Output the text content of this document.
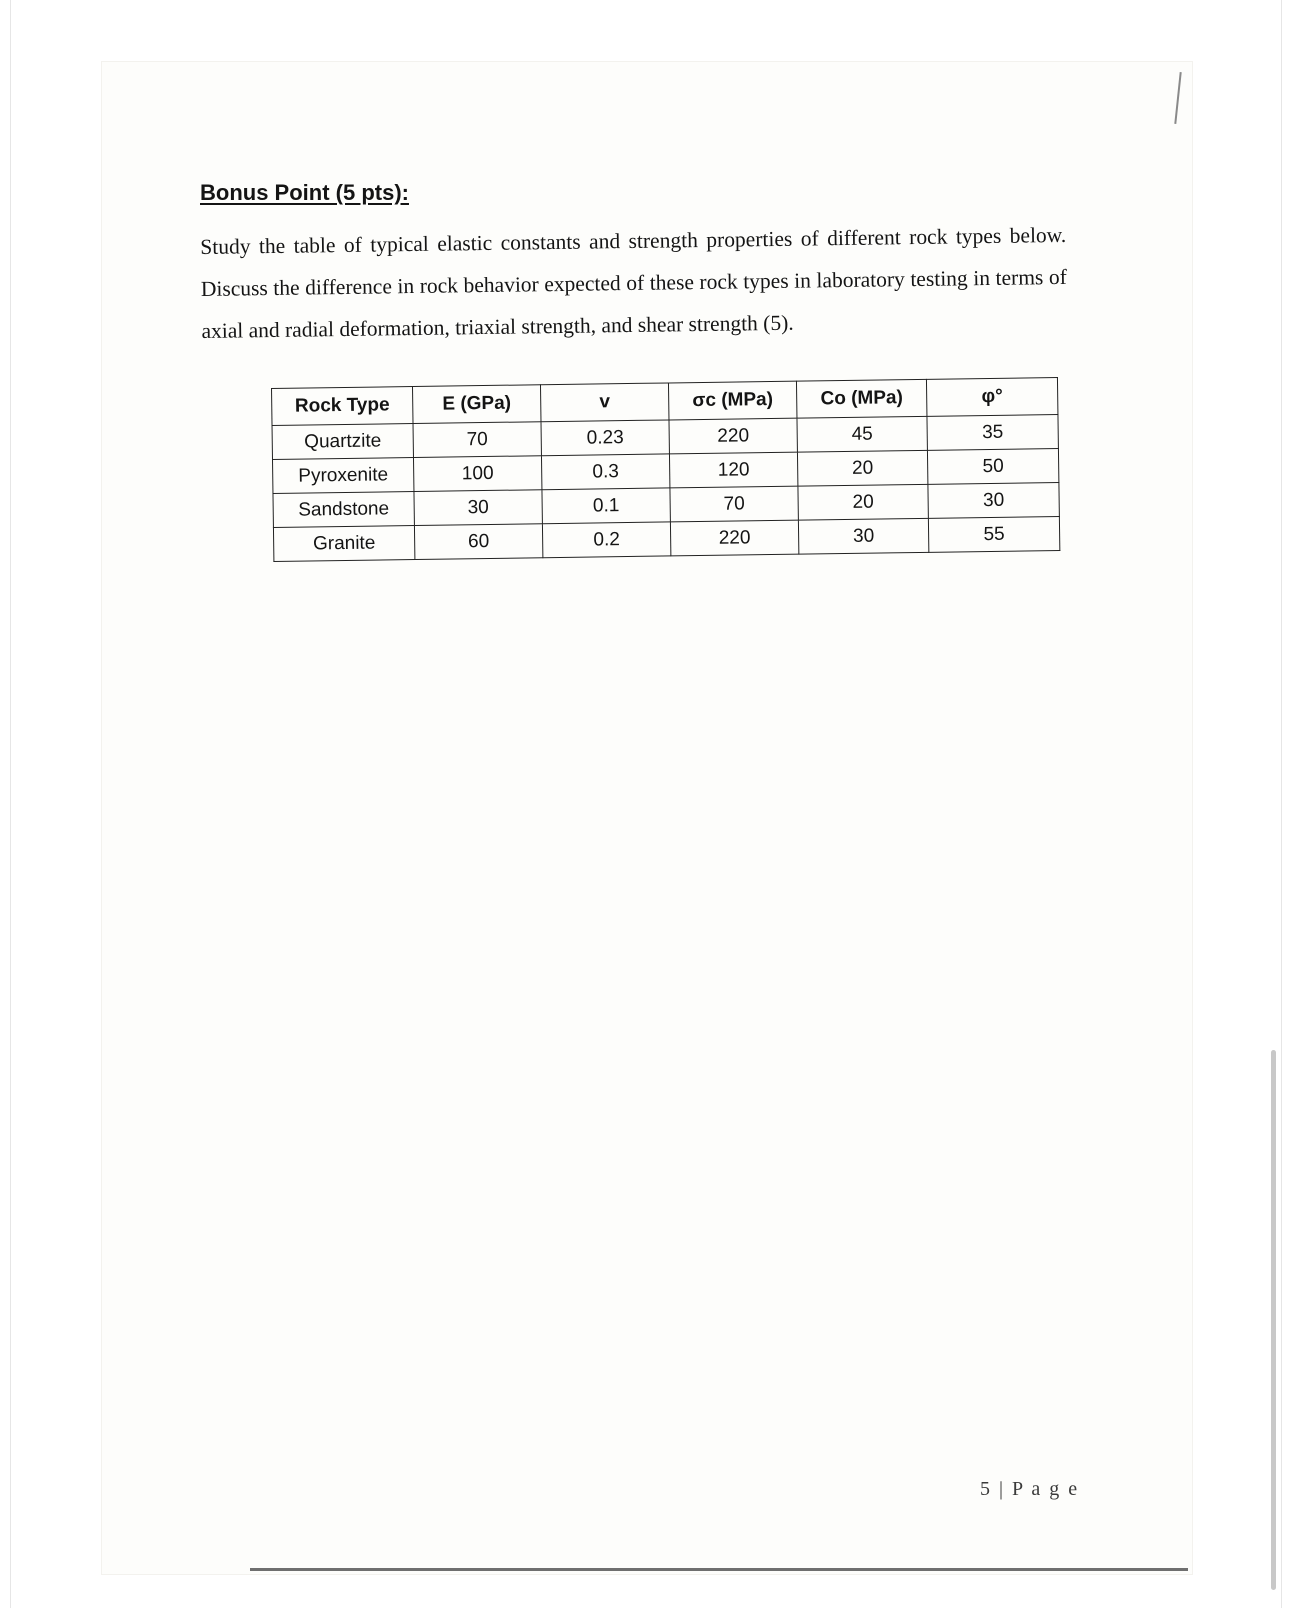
Bonus Point (5 pts):
Study the table of typical elastic constants and strength properties of different rock types below. Discuss the difference in rock behavior expected of these rock types in laboratory testing in terms of axial and radial deformation, triaxial strength, and shear strength (5).
Rock Type	E (GPa)	v	σc (MPa)	Co (MPa)	φ°
Quartzite	70	0.23	220	45	35
Pyroxenite	100	0.3	120	20	50
Sandstone	30	0.1	70	20	30
Granite	60	0.2	220	30	55
5 | P a g e
